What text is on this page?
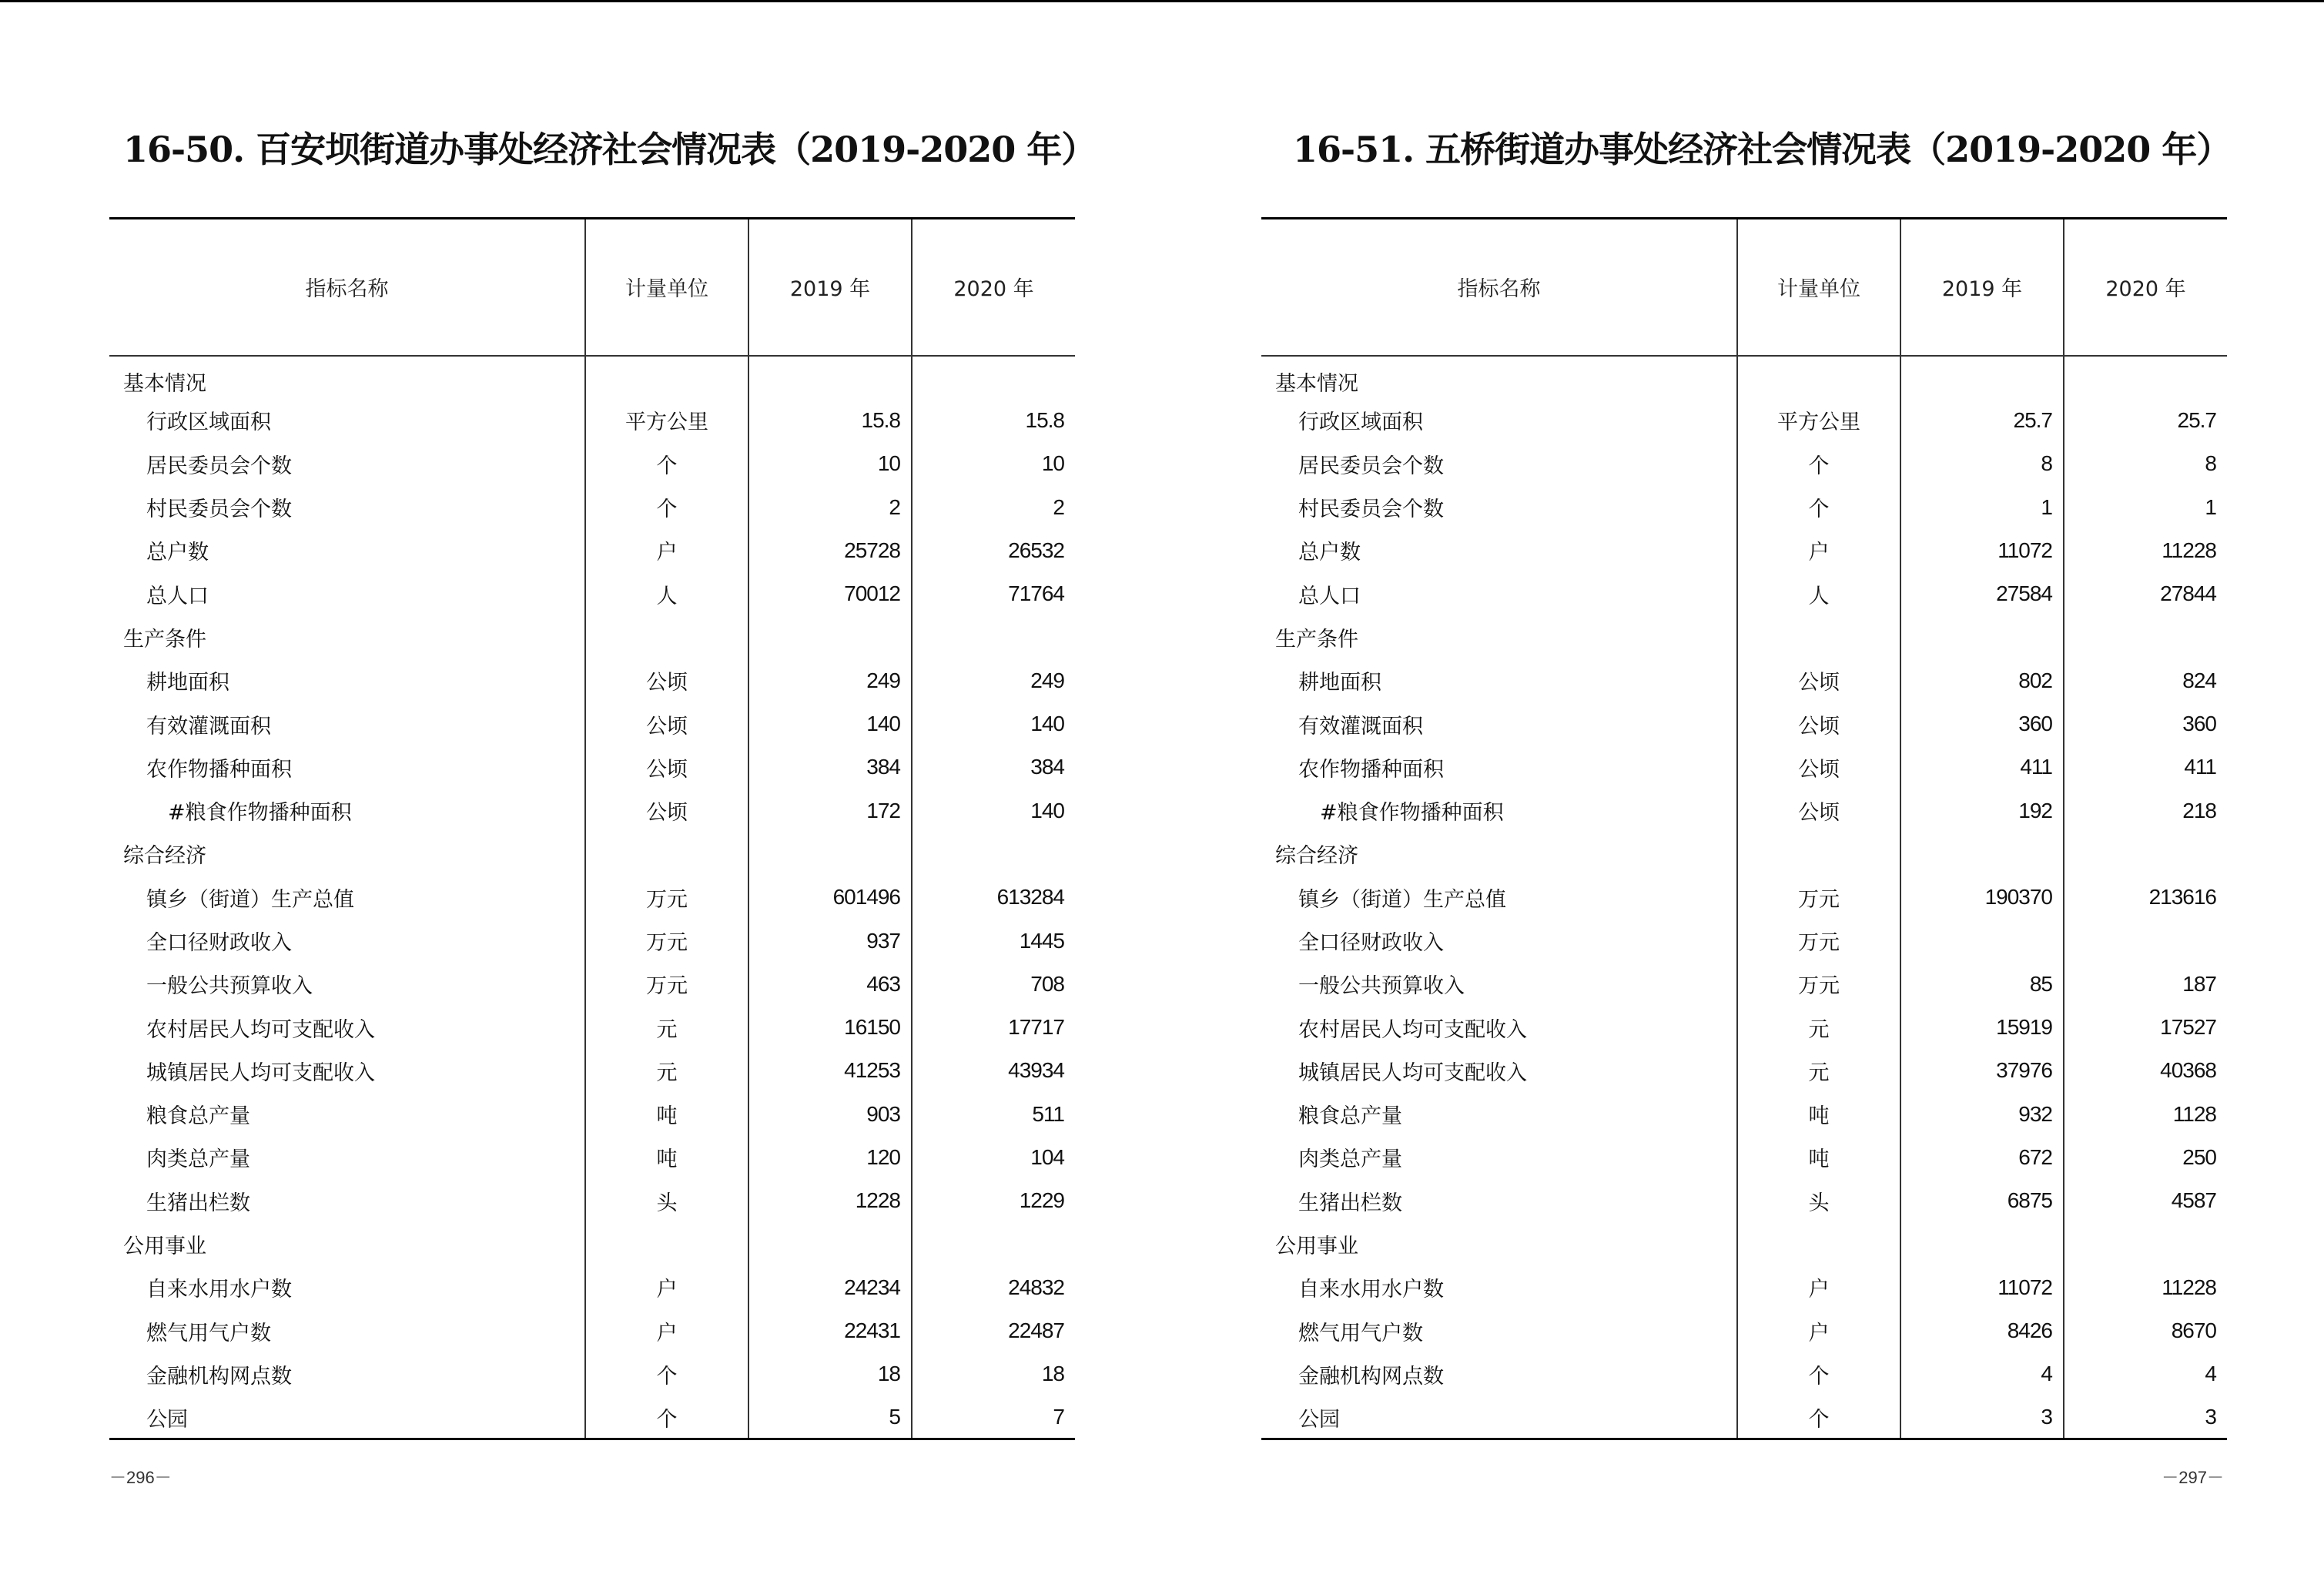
16-50. 百安坝街道办事处经济社会情况表（2019-2020 年）
指标名称	计量单位	2019 年	2020 年
基本情况			
行政区域面积	平方公里	15.8	15.8
居民委员会个数	个	10	10
村民委员会个数	个	2	2
总户数	户	25728	26532
总人口	人	70012	71764
生产条件			
耕地面积	公顷	249	249
有效灌溉面积	公顷	140	140
农作物播种面积	公顷	384	384
#粮食作物播种面积	公顷	172	140
综合经济			
镇乡（街道）生产总值	万元	601496	613284
全口径财政收入	万元	937	1445
一般公共预算收入	万元	463	708
农村居民人均可支配收入	元	16150	17717
城镇居民人均可支配收入	元	41253	43934
粮食总产量	吨	903	511
肉类总产量	吨	120	104
生猪出栏数	头	1228	1229
公用事业			
自来水用水户数	户	24234	24832
燃气用气户数	户	22431	22487
金融机构网点数	个	18	18
公园	个	5	7
－296－
16-51. 五桥街道办事处经济社会情况表（2019-2020 年）
指标名称	计量单位	2019 年	2020 年
基本情况			
行政区域面积	平方公里	25.7	25.7
居民委员会个数	个	8	8
村民委员会个数	个	1	1
总户数	户	11072	11228
总人口	人	27584	27844
生产条件			
耕地面积	公顷	802	824
有效灌溉面积	公顷	360	360
农作物播种面积	公顷	411	411
#粮食作物播种面积	公顷	192	218
综合经济			
镇乡（街道）生产总值	万元	190370	213616
全口径财政收入	万元		
一般公共预算收入	万元	85	187
农村居民人均可支配收入	元	15919	17527
城镇居民人均可支配收入	元	37976	40368
粮食总产量	吨	932	1128
肉类总产量	吨	672	250
生猪出栏数	头	6875	4587
公用事业			
自来水用水户数	户	11072	11228
燃气用气户数	户	8426	8670
金融机构网点数	个	4	4
公园	个	3	3
－297－
